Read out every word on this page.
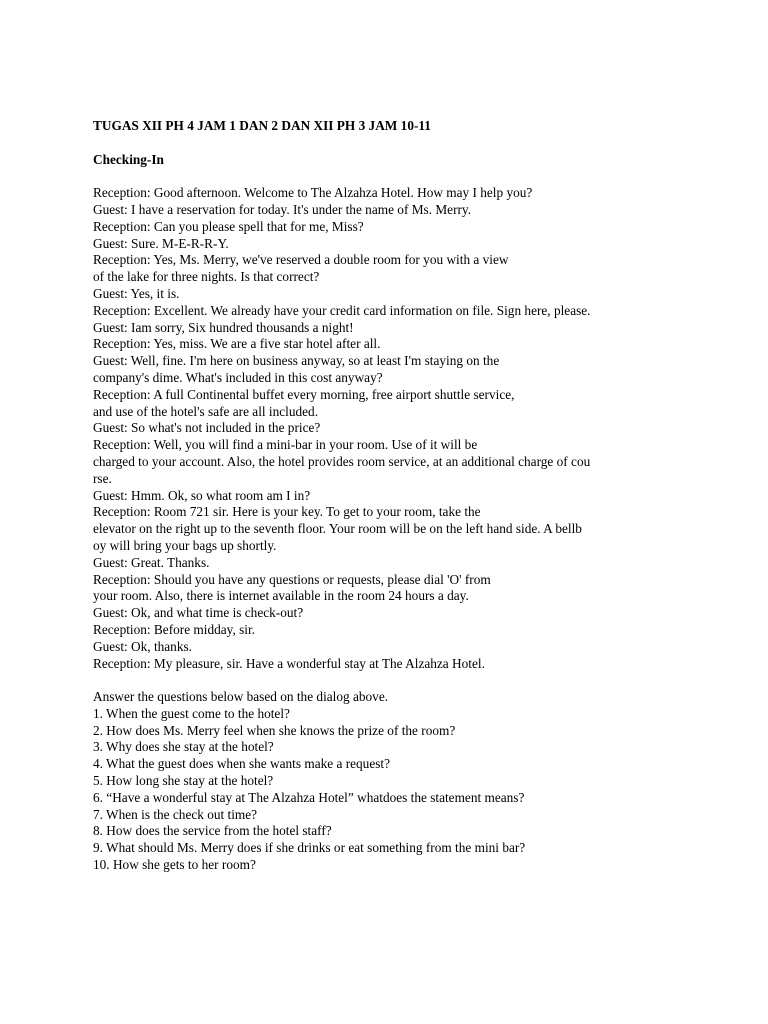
TUGAS XII PH 4 JAM 1 DAN 2 DAN XII PH 3 JAM 10-11
Checking-In
Reception: Good afternoon. Welcome to The Alzahza Hotel. How may I help you?
Guest: I have a reservation for today. It's under the name of Ms. Merry.
Reception: Can you please spell that for me, Miss?
Guest: Sure. M-E-R-R-Y.
Reception: Yes, Ms. Merry, we've reserved a double room for you with a view
of the lake for three nights. Is that correct?
Guest: Yes, it is.
Reception: Excellent. We already have your credit card information on file. Sign here, please.
Guest: Iam sorry, Six hundred thousands a night!
Reception: Yes, miss. We are a five star hotel after all.
Guest: Well, fine. I'm here on business anyway, so at least I'm staying on the
company's dime. What's included in this cost anyway?
Reception: A full Continental buffet every morning, free airport shuttle service,
and use of the hotel's safe are all included.
Guest: So what's not included in the price?
Reception: Well, you will find a mini-bar in your room. Use of it will be
charged to your account. Also, the hotel provides room service, at an additional charge of cou
rse.
Guest: Hmm. Ok, so what room am I in?
Reception: Room 721 sir. Here is your key. To get to your room, take the
elevator on the right up to the seventh floor. Your room will be on the left hand side. A bellb
oy will bring your bags up shortly.
Guest: Great. Thanks.
Reception: Should you have any questions or requests, please dial 'O' from
your room. Also, there is internet available in the room 24 hours a day.
Guest: Ok, and what time is check-out?
Reception: Before midday, sir.
Guest: Ok, thanks.
Reception: My pleasure, sir. Have a wonderful stay at The Alzahza Hotel.
Answer the questions below based on the dialog above.
1. When the guest come to the hotel?
2. How does Ms. Merry feel when she knows the prize of the room?
3. Why does she stay at the hotel?
4. What the guest does when she wants make a request?
5. How long she stay at the hotel?
6. “Have a wonderful stay at The Alzahza Hotel” whatdoes the statement means?
7. When is the check out time?
8. How does the service from the hotel staff?
9. What should Ms. Merry does if she drinks or eat something from the mini bar?
10. How she gets to her room?
